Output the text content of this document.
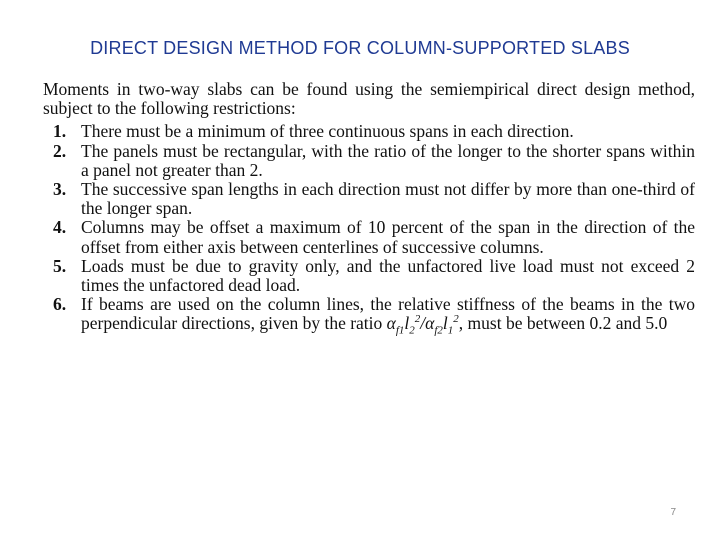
DIRECT DESIGN METHOD FOR COLUMN-SUPPORTED SLABS

Moments in two-way slabs can be found using the semiempirical direct design method, subject to the following restrictions:

1. There must be a minimum of three continuous spans in each direction.
2. The panels must be rectangular, with the ratio of the longer to the shorter spans within a panel not greater than 2.
3. The successive span lengths in each direction must not differ by more than one-third of the longer span.
4. Columns may be offset a maximum of 10 percent of the span in the direction of the offset from either axis between centerlines of successive columns.
5. Loads must be due to gravity only, and the unfactored live load must not exceed 2 times the unfactored dead load.
6. If beams are used on the column lines, the relative stiffness of the beams in the two perpendicular directions, given by the ratio $\alpha_{f1}l_2^2/\alpha_{f2}l_1^2$, must be between 0.2 and 5.0
7
